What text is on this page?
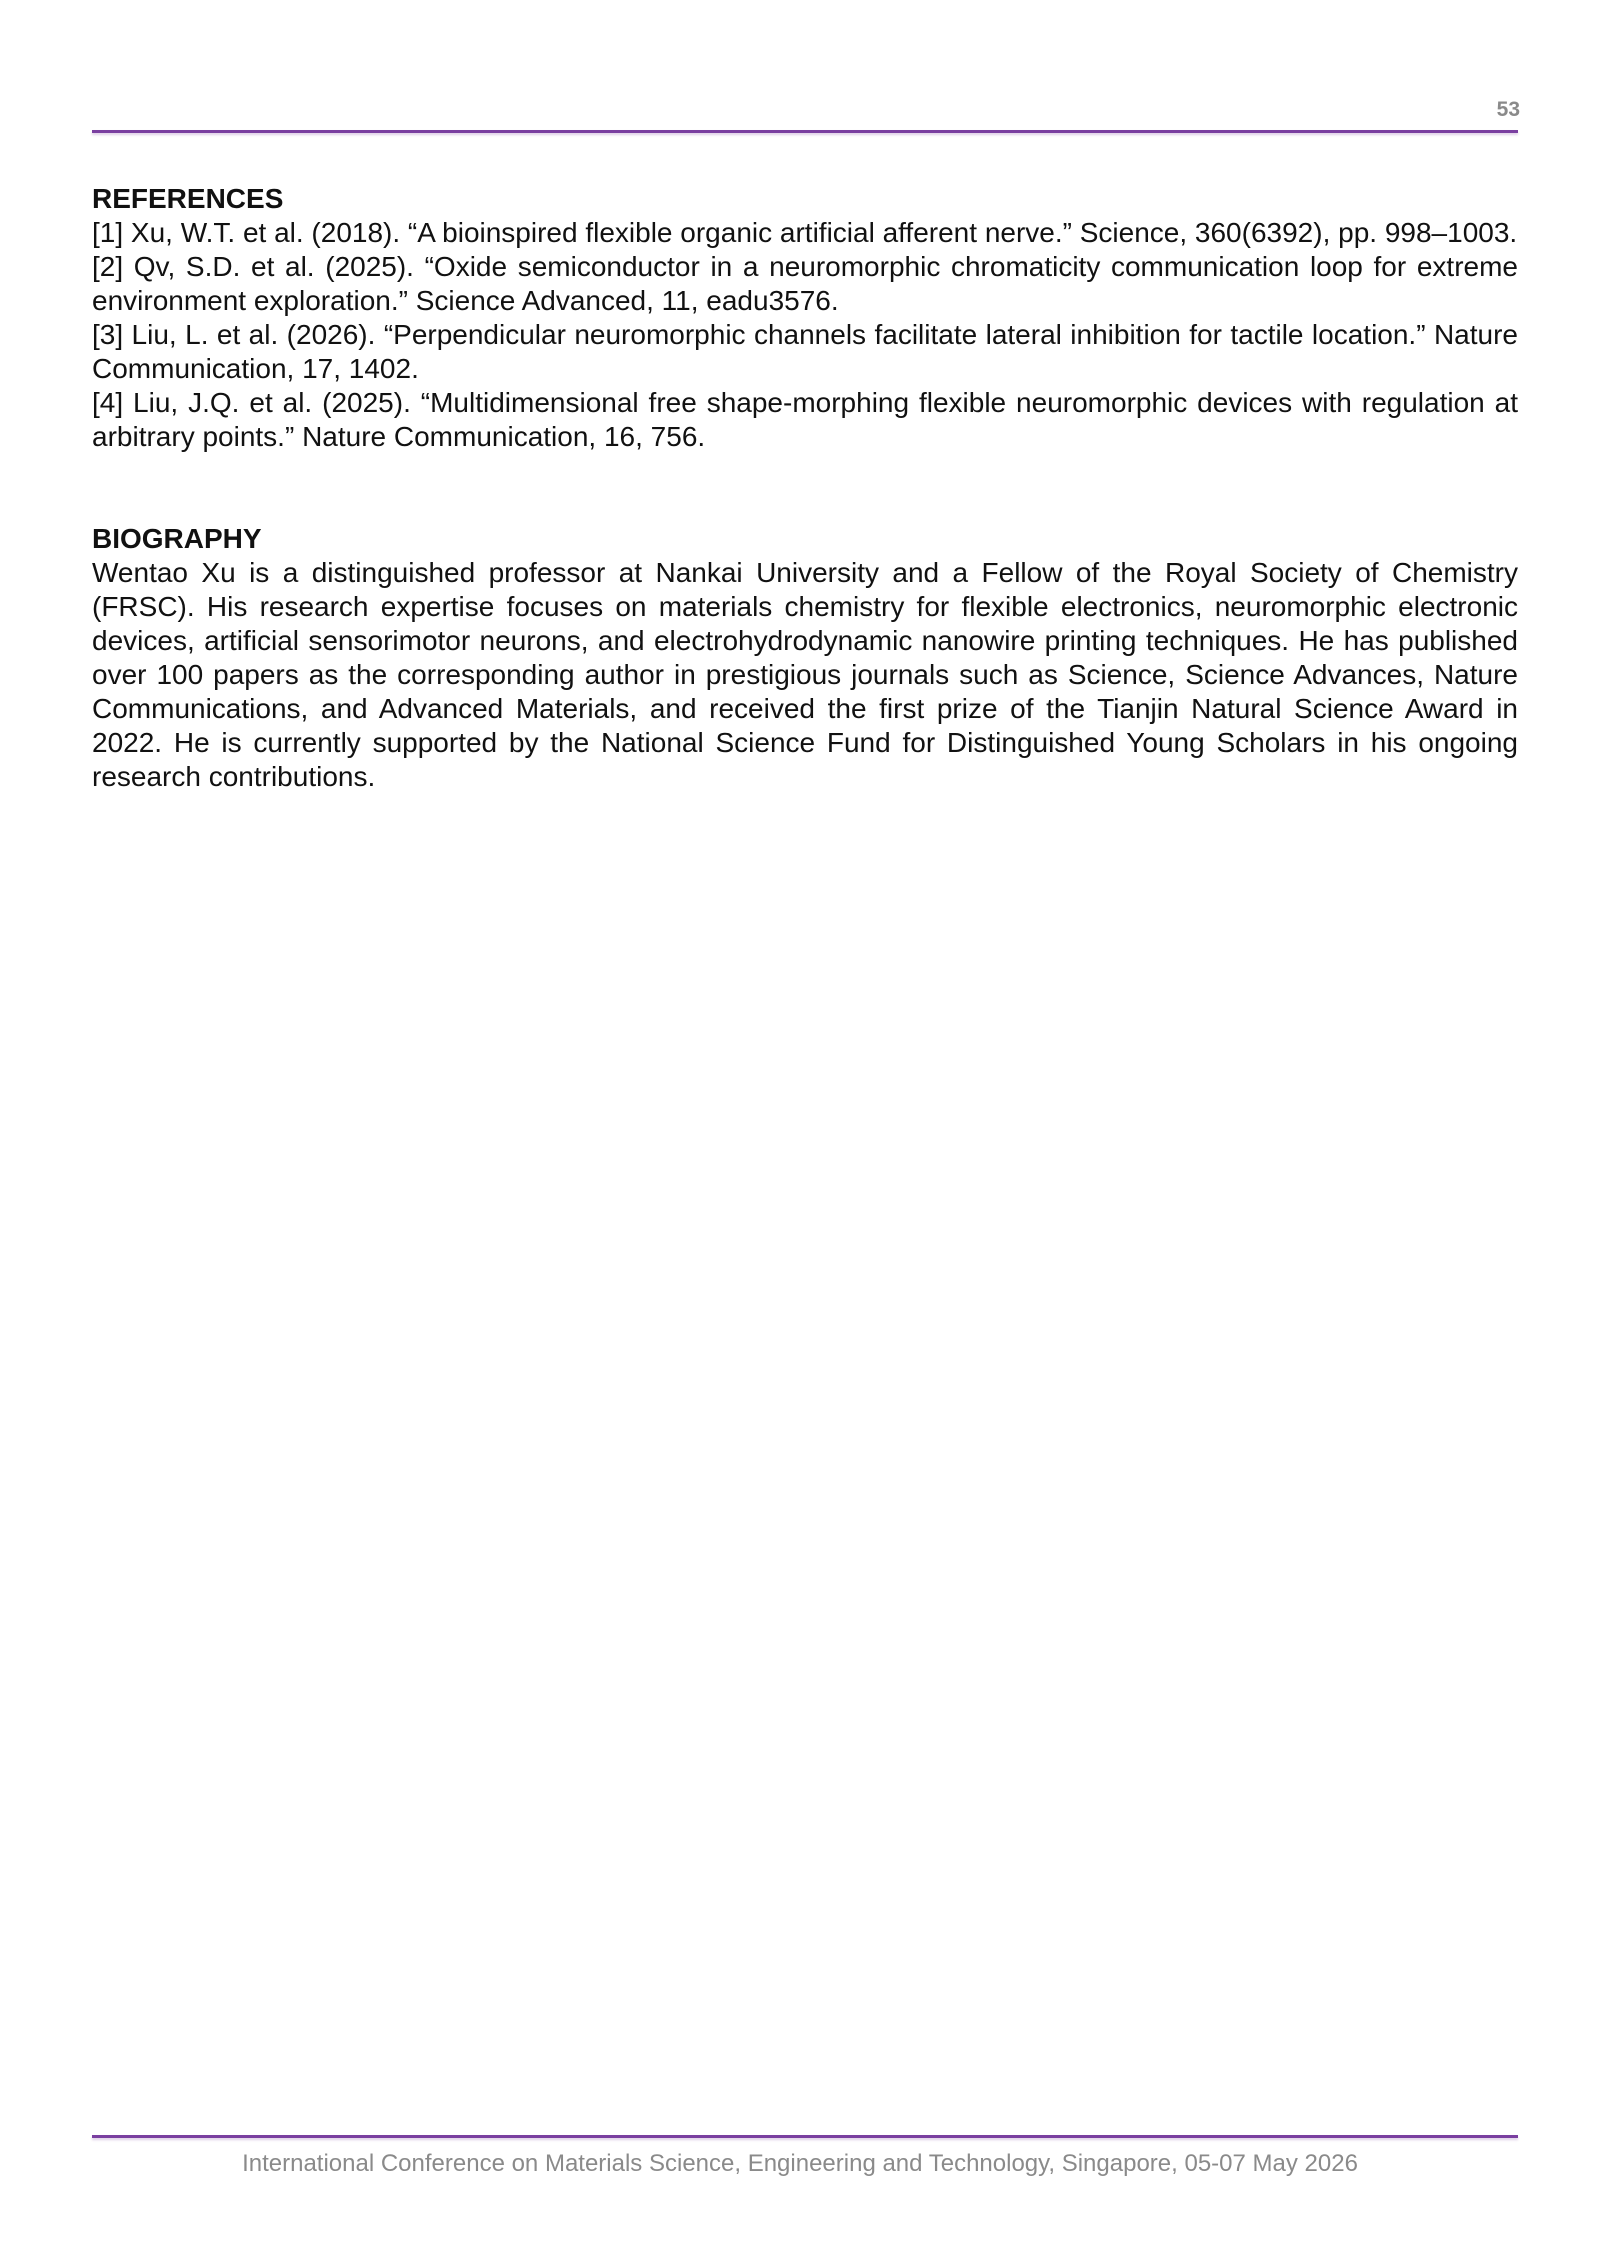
53
REFERENCES

[1] Xu, W.T. et al. (2018). “A bioinspired flexible organic artificial afferent nerve.” Science, 360(6392), pp. 998–1003.

[2] Qv, S.D. et al. (2025). “Oxide semiconductor in a neuromorphic chromaticity communication loop for extreme environment exploration.” Science Advanced, 11, eadu3576.

[3] Liu, L. et al. (2026). “Perpendicular neuromorphic channels facilitate lateral inhibition for tactile location.” Nature Communication, 17, 1402.

[4] Liu, J.Q. et al. (2025). “Multidimensional free shape-morphing flexible neuromorphic devices with regulation at arbitrary points.” Nature Communication, 16, 756.

BIOGRAPHY

Wentao Xu is a distinguished professor at Nankai University and a Fellow of the Royal Society of Chemistry (FRSC). His research expertise focuses on materials chemistry for flexible electronics, neuromorphic electronic devices, artificial sensorimotor neurons, and electrohydrodynamic nanowire printing techniques. He has published over 100 papers as the corresponding author in prestigious journals such as Science, Science Advances, Nature Communications, and Advanced Materials, and received the first prize of the Tianjin Natural Science Award in 2022. He is currently supported by the National Science Fund for Distinguished Young Scholars in his ongoing research contributions.

International Conference on Materials Science, Engineering and Technology, Singapore, 05-07 May 2026
